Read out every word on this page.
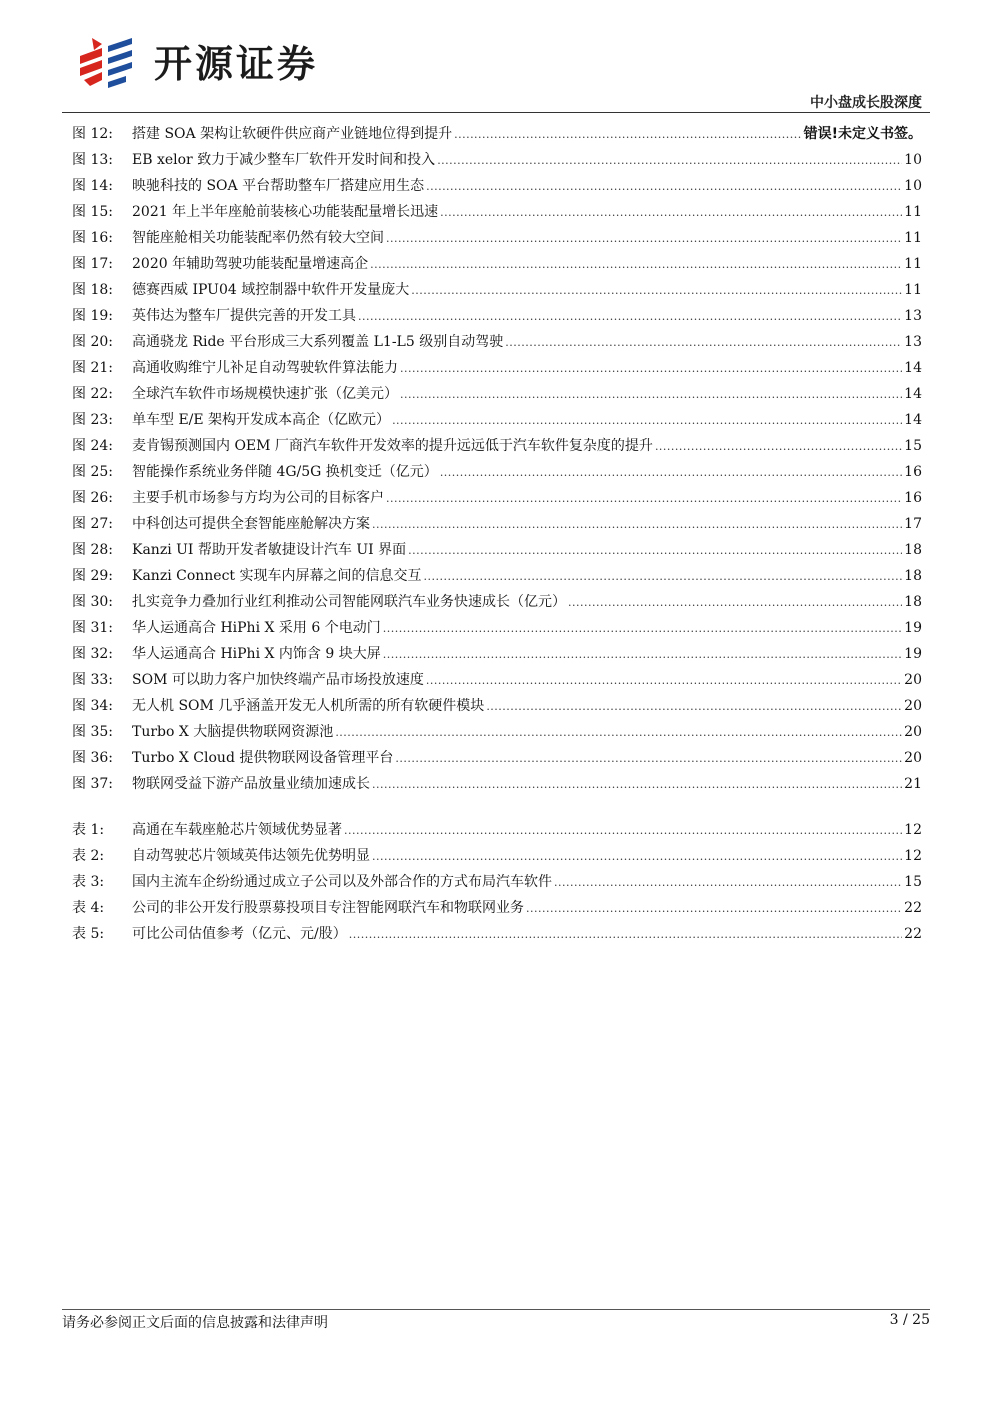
开源证券
中小盘成长股深度
图 12:	搭建 SOA 架构让软硬件供应商产业链地位得到提升 .....	错误!未定义书签。
图 13:	EB xelor 致力于减少整车厂软件开发时间和投入 .....	10
图 14:	映驰科技的 SOA 平台帮助整车厂搭建应用生态 .....	10
图 15:	2021 年上半年座舱前装核心功能装配量增长迅速 .....	11
图 16:	智能座舱相关功能装配率仍然有较大空间 .....	11
图 17:	2020 年辅助驾驶功能装配量增速高企 .....	11
图 18:	德赛西威 IPU04 域控制器中软件开发量庞大 .....	11
图 19:	英伟达为整车厂提供完善的开发工具 .....	13
图 20:	高通骁龙 Ride 平台形成三大系列覆盖 L1-L5 级别自动驾驶 .....	13
图 21:	高通收购维宁儿补足自动驾驶软件算法能力 .....	14
图 22:	全球汽车软件市场规模快速扩张（亿美元） .....	14
图 23:	单车型 E/E 架构开发成本高企（亿欧元） .....	14
图 24:	麦肯锡预测国内 OEM 厂商汽车软件开发效率的提升远远低于汽车软件复杂度的提升 .....	15
图 25:	智能操作系统业务伴随 4G/5G 换机变迁（亿元） .....	16
图 26:	主要手机市场参与方均为公司的目标客户 .....	16
图 27:	中科创达可提供全套智能座舱解决方案 .....	17
图 28:	Kanzi UI 帮助开发者敏捷设计汽车 UI 界面 .....	18
图 29:	Kanzi Connect 实现车内屏幕之间的信息交互 .....	18
图 30:	扎实竞争力叠加行业红利推动公司智能网联汽车业务快速成长（亿元） .....	18
图 31:	华人运通高合 HiPhi X 采用 6 个电动门 .....	19
图 32:	华人运通高合 HiPhi X 内饰含 9 块大屏 .....	19
图 33:	SOM 可以助力客户加快终端产品市场投放速度 .....	20
图 34:	无人机 SOM 几乎涵盖开发无人机所需的所有软硬件模块 .....	20
图 35:	Turbo X 大脑提供物联网资源池 .....	20
图 36:	Turbo X Cloud 提供物联网设备管理平台 .....	20
图 37:	物联网受益下游产品放量业绩加速成长 .....	21
表 1:	高通在车载座舱芯片领域优势显著 .....	12
表 2:	自动驾驶芯片领域英伟达领先优势明显 .....	12
表 3:	国内主流车企纷纷通过成立子公司以及外部合作的方式布局汽车软件 .....	15
表 4:	公司的非公开发行股票募投项目专注智能网联汽车和物联网业务 .....	22
表 5:	可比公司估值参考（亿元、元/股） .....	22
请务必参阅正文后面的信息披露和法律声明	3 / 25
